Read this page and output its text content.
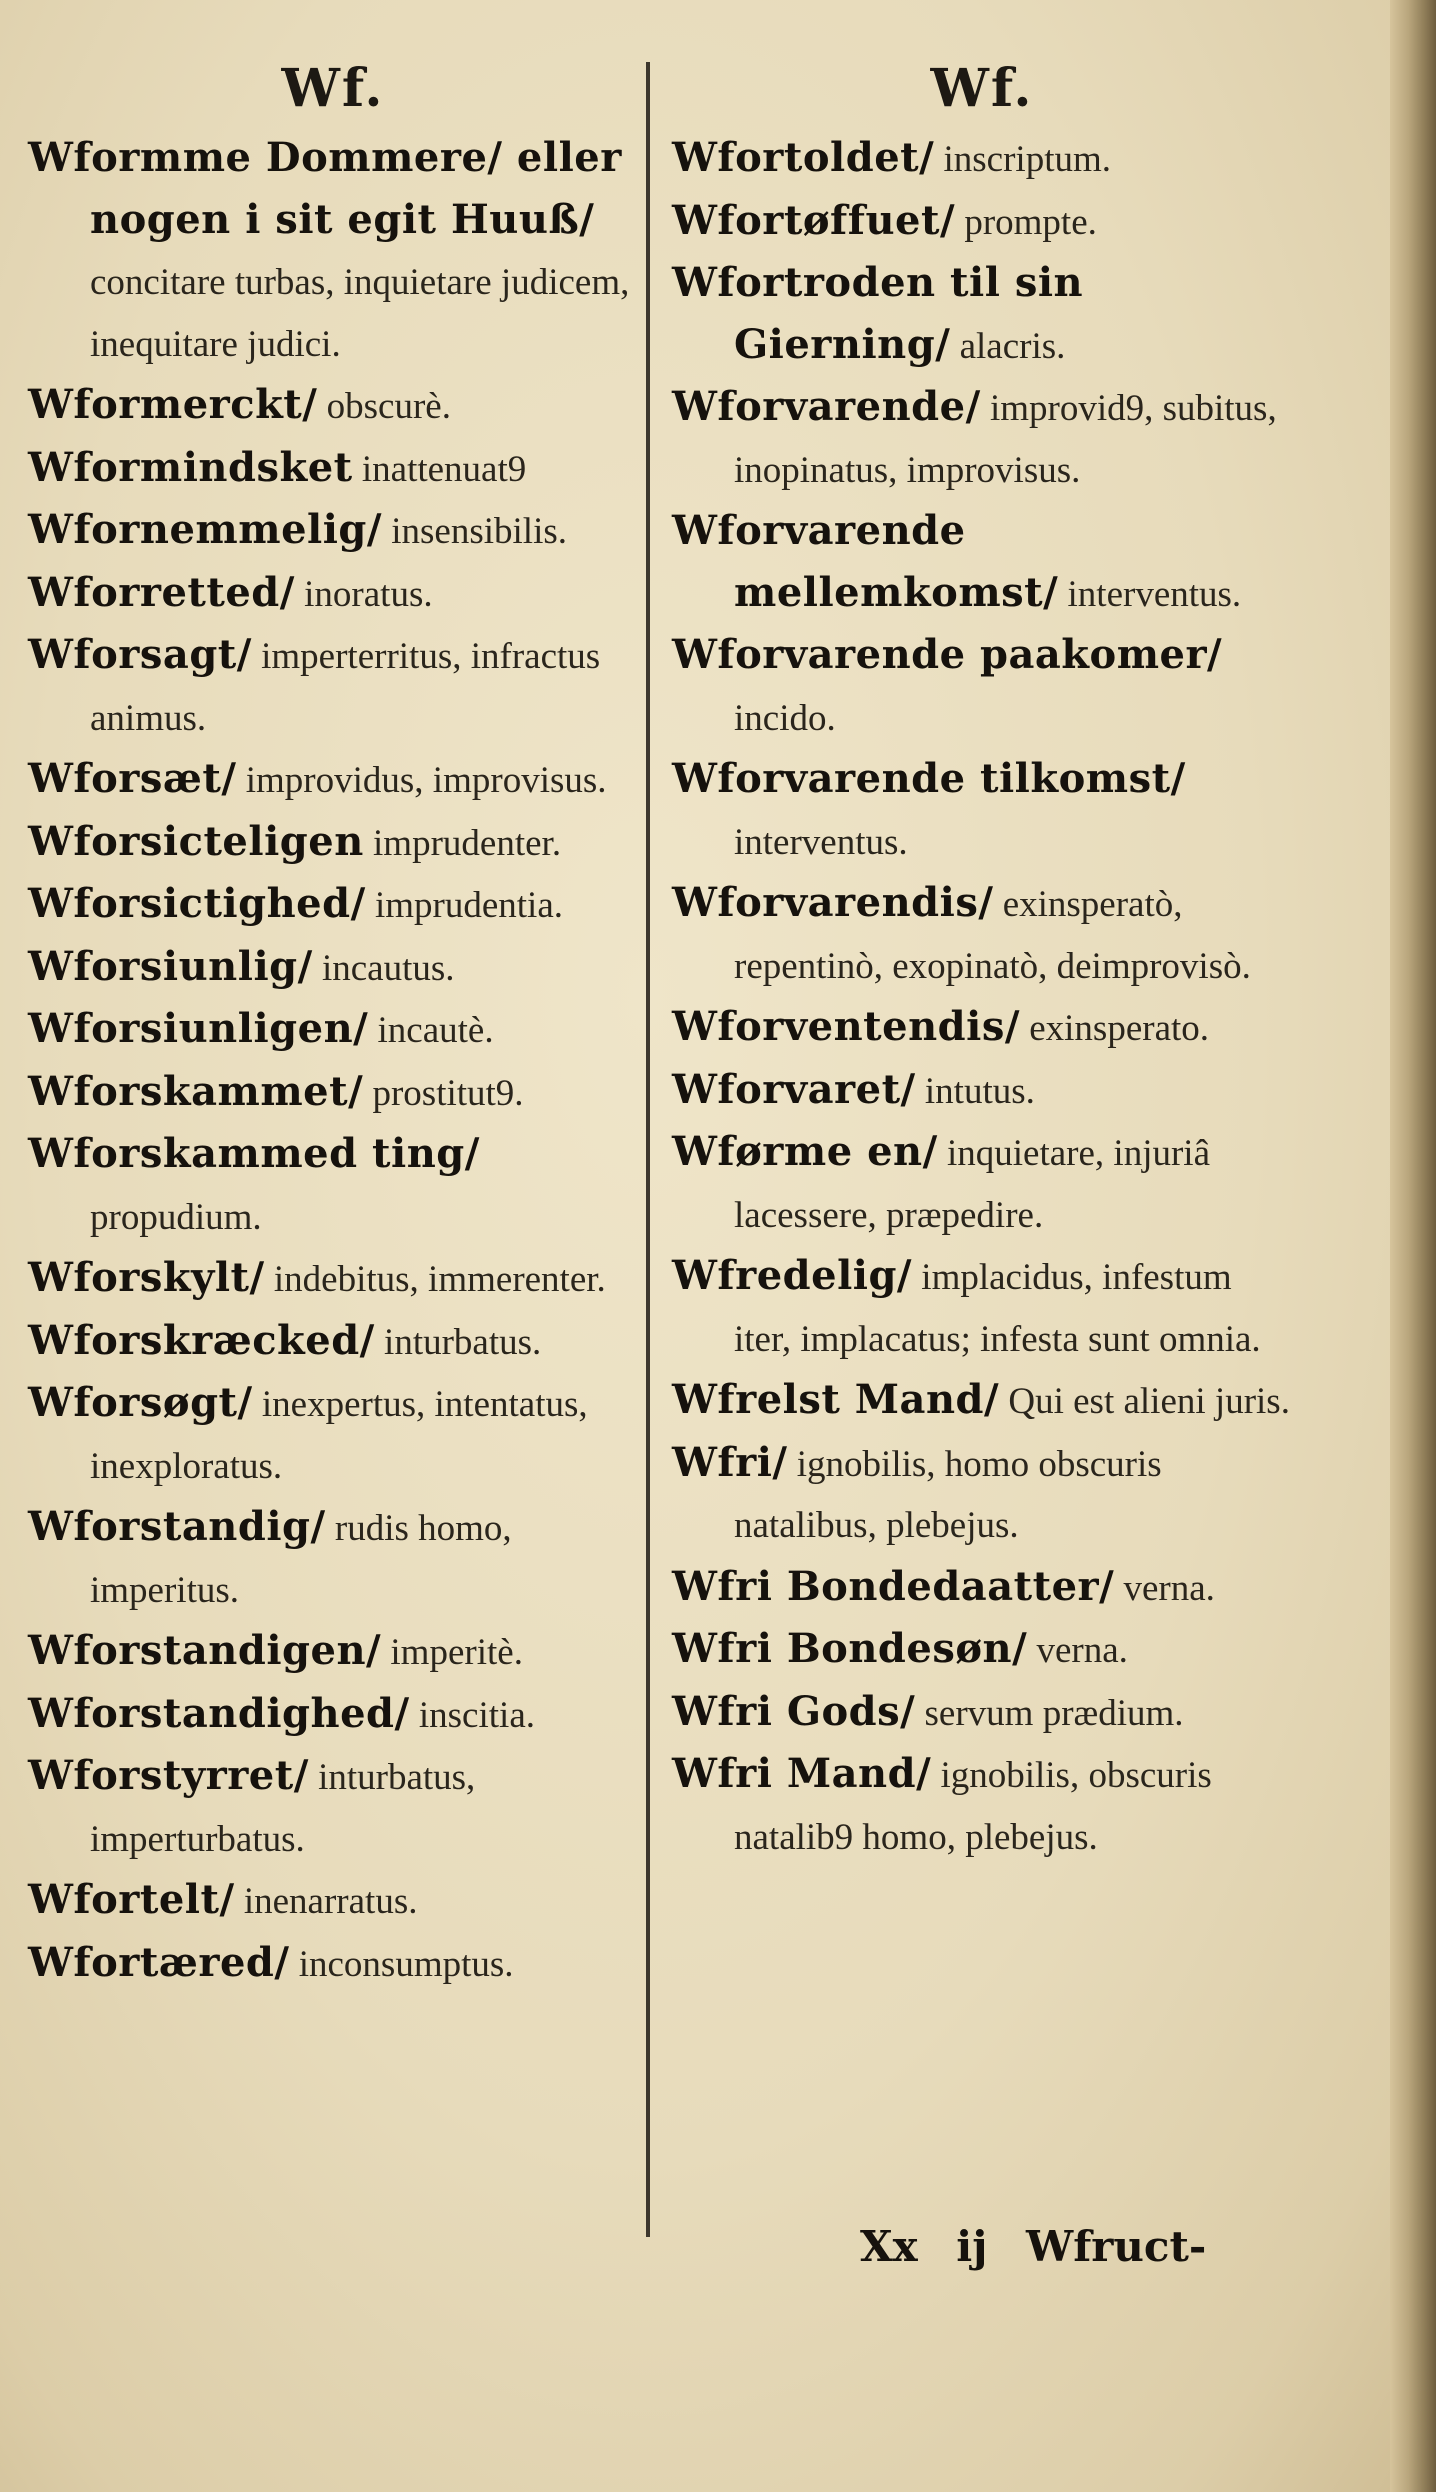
Wf.
Wformme Dommere/ eller nogen i sit egit Huuß/ concitare turbas, inquietare judicem, inequitare judici.
Wformerckt/ obscurè.
Wformindsket inattenuat9
Wfornemmelig/ insensibilis.
Wforretted/ inoratus.
Wforsagt/ imperterritus, infractus animus.
Wforsæt/ improvidus, improvisus.
Wforsicteligen imprudenter.
Wforsictighed/ imprudentia.
Wforsiunlig/ incautus.
Wforsiunligen/ incautè.
Wforskammet/ prostitut9.
Wforskammed ting/ propudium.
Wforskylt/ indebitus, immerenter.
Wforskræcked/ inturbatus.
Wforsøgt/ inexpertus, intentatus, inexploratus.
Wforstandig/ rudis homo, imperitus.
Wforstandigen/ imperitè.
Wforstandighed/ inscitia.
Wforstyrret/ inturbatus, imperturbatus.
Wfortelt/ inenarratus.
Wfortæred/ inconsumptus.
Wf.
Wfortoldet/ inscriptum.
Wfortøffuet/ prompte.
Wfortroden til sin Gierning/ alacris.
Wforvarende/ improvid9, subitus, inopinatus, improvisus.
Wforvarende mellemkomst/ interventus.
Wforvarende paakomer/ incido.
Wforvarende tilkomst/ interventus.
Wforvarendis/ exinsperatò, repentinò, exopinatò, deimprovisò.
Wforventendis/ exinsperato.
Wforvaret/ intutus.
Wførme en/ inquietare, injuriâ lacessere, præpedire.
Wfredelig/ implacidus, infestum iter, implacatus; infesta sunt omnia.
Wfrelst Mand/ Qui est alieni juris.
Wfri/ ignobilis, homo obscuris natalibus, plebejus.
Wfri Bondedaatter/ verna.
Wfri Bondesøn/ verna.
Wfri Gods/ servum prædium.
Wfri Mand/ ignobilis, obscuris natalib9 homo, plebejus.
Xx ij Wfruct-
